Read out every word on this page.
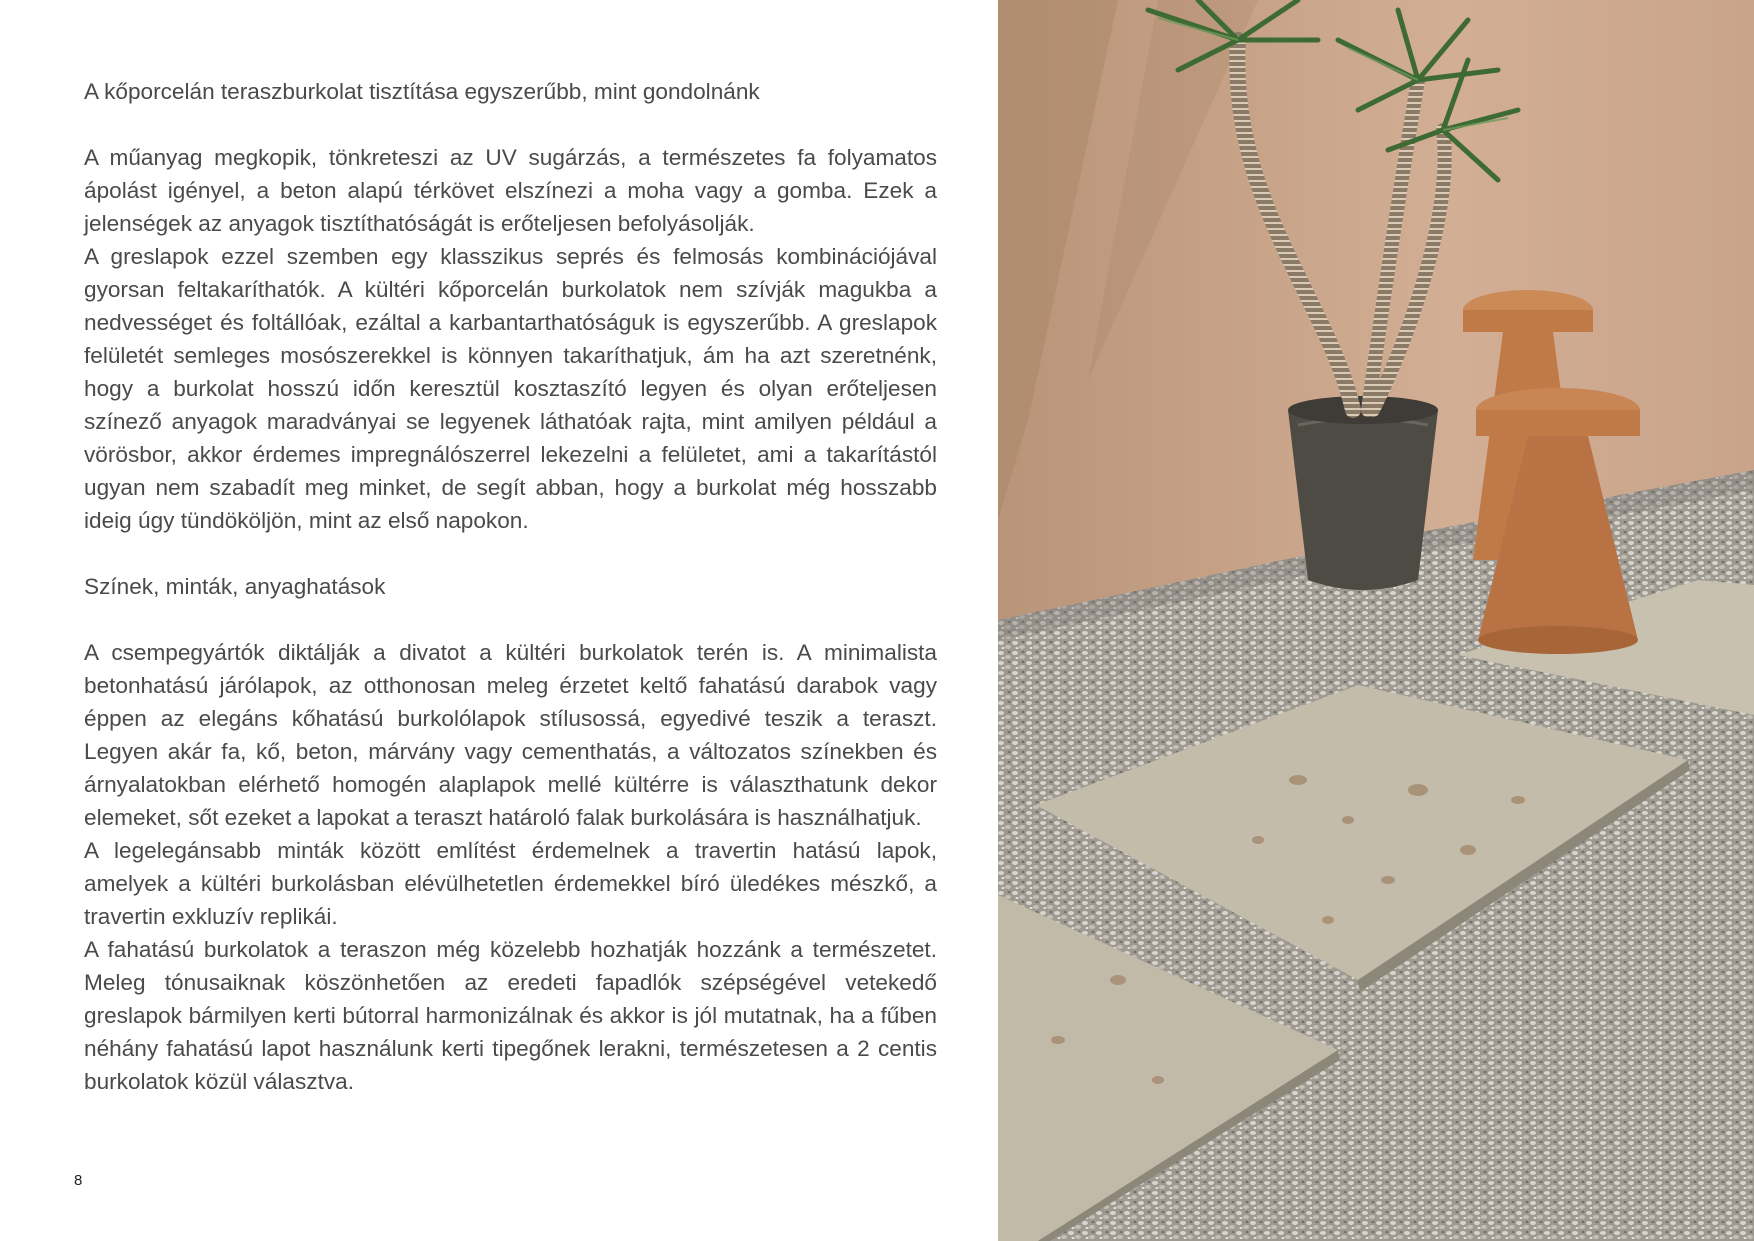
A kőporcelán teraszburkolat tisztítása egyszerűbb, mint gondolnánk

A műanyag megkopik, tönkreteszi az UV sugárzás, a természetes fa folyamatos ápolást igényel, a beton alapú térkövet elszínezi a moha vagy a gomba. Ezek a jelenségek az anyagok tisztíthatóságát is erőteljesen befolyásolják.

A greslapok ezzel szemben egy klasszikus seprés és felmosás kombinációjával gyorsan feltakaríthatók. A kültéri kőporcelán burkolatok nem szívják magukba a nedvességet és foltállóak, ezáltal a karbantarthatóságuk is egyszerűbb. A greslapok felületét semleges mosószerekkel is könnyen takaríthatjuk, ám ha azt szeretnénk, hogy a burkolat hosszú időn keresztül kosztaszító legyen és olyan erőteljesen színező anyagok maradványai se legyenek láthatóak rajta, mint amilyen például a vörösbor, akkor érdemes impregnálószerrel lekezelni a felületet, ami a takarítástól ugyan nem szabadít meg minket, de segít abban, hogy a burkolat még hosszabb ideig úgy tündököljön, mint az első napokon.

Színek, minták, anyaghatások

A csempegyártók diktálják a divatot a kültéri burkolatok terén is. A minimalista betonhatású járólapok, az otthonosan meleg érzetet keltő fahatású darabok vagy éppen az elegáns kőhatású burkolólapok stílusossá, egyedivé teszik a teraszt. Legyen akár fa, kő, beton, márvány vagy cementhatás, a változatos színekben és árnyalatokban elérhető homogén alaplapok mellé kültérre is választhatunk dekor elemeket, sőt ezeket a lapokat a teraszt határoló falak burkolására is használhatjuk.

A legelegánsabb minták között említést érdemelnek a travertin hatású lapok, amelyek a kültéri burkolásban elévülhetetlen érdemekkel bíró üledékes mészkő, a travertin exkluzív replikái.

A fahatású burkolatok a teraszon még közelebb hozhatják hozzánk a természetet. Meleg tónusaiknak köszönhetően az eredeti fapadlók szépségével vetekedő greslapok bármilyen kerti bútorral harmonizálnak és akkor is jól mutatnak, ha a fűben néhány fahatású lapot használunk kerti tipegőnek lerakni, természetesen a 2 centis burkolatok közül választva.

8
